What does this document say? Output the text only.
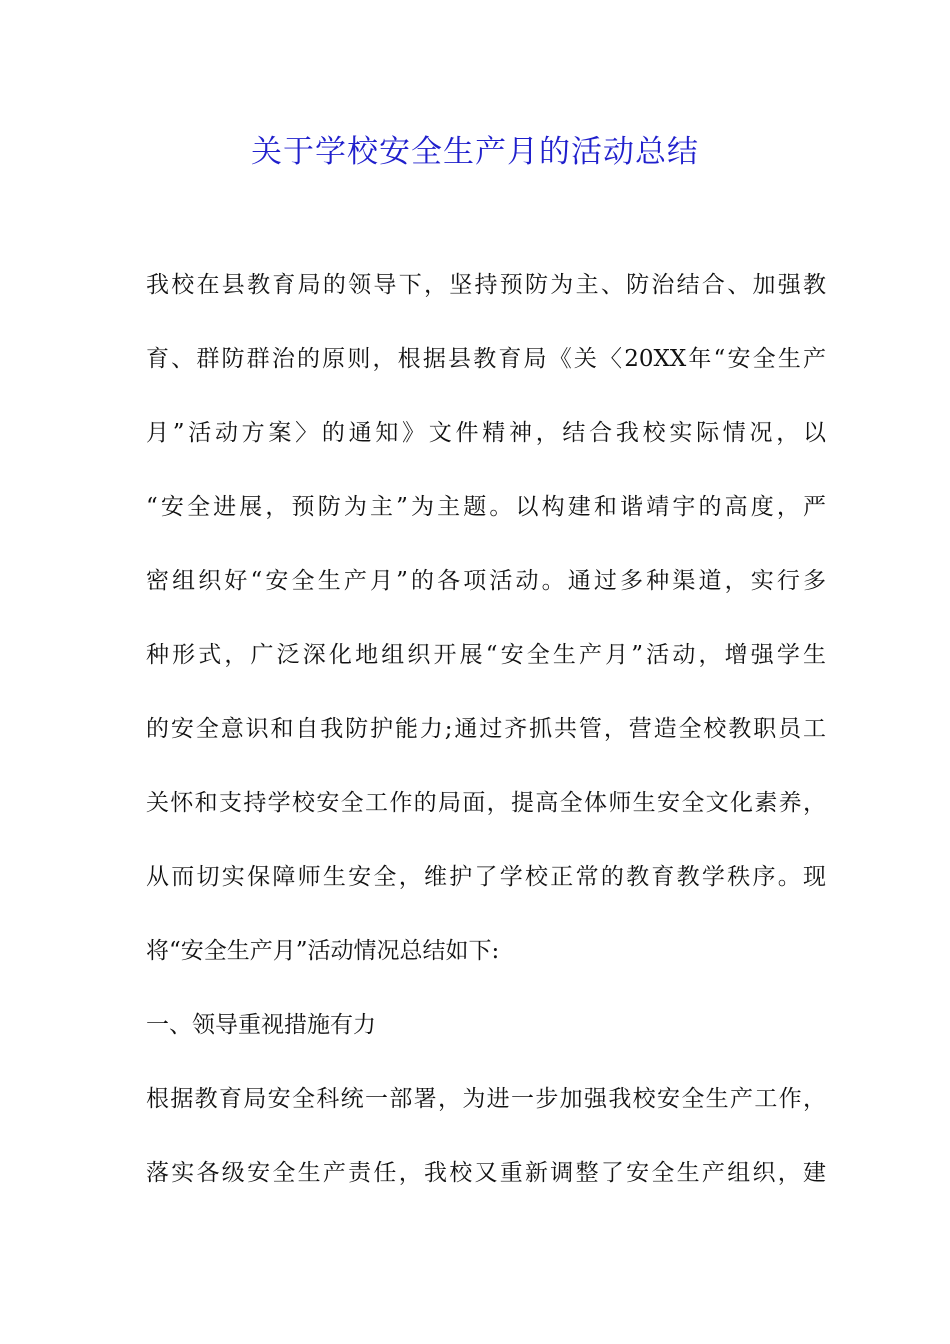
关于学校安全生产月的活动总结
我校在县教育局的领导下，坚持预防为主、防治结合、加强教
育、群防群治的原则，根据县教育局《关〈20XX年“安全生产
月”活动方案〉的通知》文件精神，结合我校实际情况，以
“安全进展，预防为主”为主题。以构建和谐靖宇的高度，严
密组织好“安全生产月”的各项活动。通过多种渠道，实行多
种形式，广泛深化地组织开展“安全生产月”活动，增强学生
的安全意识和自我防护能力;通过齐抓共管，营造全校教职员工
关怀和支持学校安全工作的局面，提高全体师生安全文化素养，
从而切实保障师生安全，维护了学校正常的教育教学秩序。现
将“安全生产月”活动情况总结如下:
一、领导重视措施有力
根据教育局安全科统一部署，为进一步加强我校安全生产工作，
落实各级安全生产责任，我校又重新调整了安全生产组织，建
